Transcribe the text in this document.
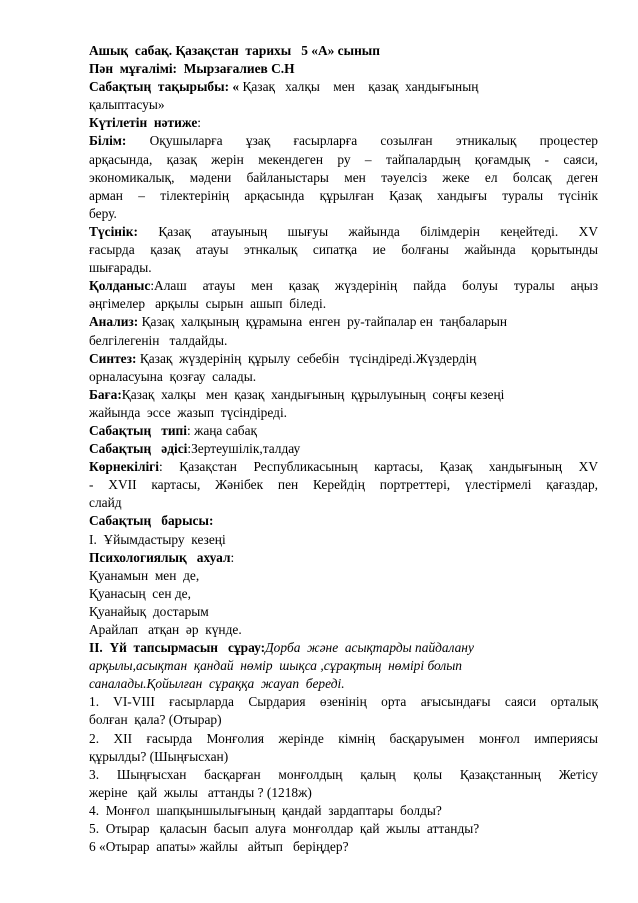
Ашық  сабақ. Қазақстан  тарихы   5 «А» сынып
Пән  мұғалімі:  Мырзағалиев С.Н
Сабақтың  тақырыбы: « Қазақ   халқы    мен    қазақ  хандығының
қалыптасуы»
Күтілетін  нәтиже:
Білім: Оқушыларға ұзақ ғасырларға созылған этникалық процестер
арқасында, қазақ жерін мекендеген ру – тайпалардың қоғамдық - саяси,
экономикалық, мәдени байланыстары мен тәуелсіз жеке ел болсақ деген
арман – тілектерінің арқасында құрылған Қазақ хандығы туралы түсінік
беру.
Түсінік: Қазақ атауының шығуы жайында білімдерін кеңейтеді. XV
ғасырда қазақ атауы этнкалық сипатқа ие болғаны жайында қорытынды
шығарады.
Қолданыс:Алаш атауы мен қазақ жүздерінің пайда болуы туралы аңыз
әңгімелер   арқылы  сырын  ашып  біледі.
Анализ: Қазақ  халқының  құрамына  енген  ру-тайпалар ен  таңбаларын
белгілегенін   талдайды.
Синтез: Қазақ  жүздерінің  құрылу  себебін   түсіндіреді.Жүздердің
орналасуына  қозғау  салады.
Баға:Қазақ  халқы   мен  қазақ  хандығының  құрылуының  соңғы кезеңі
жайында  эссе  жазып  түсіндіреді.
Сабақтың   типі: жаңа сабақ
Сабақтың   әдісі:Зертеушілік,талдау
Көрнекілігі: Қазақстан Республикасының картасы, Қазақ хандығының XV
- XVII картасы, Жәнібек пен Керейдің портреттері, үлестірмелі қағаздар,
слайд
Сабақтың   барысы:
І.  Ұйымдастыру  кезеңі
Психологиялық   ахуал:
Қуанамын  мен  де,
Қуанасың  сен де,
Қуанайық  достарым
Арайлап   атқан  әр  күнде.
ІІ.  Үй  тапсырмасын   сұрау:Дорба  және  асықтарды пайдалану
арқылы,асықтан  қандай  нөмір  шықса ,сұрақтың  нөмірі болып
саналады.Қойылған  сұраққа  жауап  береді.
1. VI-VIII ғасырларда Сырдария өзенінің орта ағысындағы саяси орталық
болған  қала? (Отырар)
2. ХІІ ғасырда Монғолия жерінде кімнің басқаруымен монғол империясы
құрылды? (Шыңғысхан)
3. Шыңғысхан басқарған монғолдың қалың қолы Қазақстанның Жетісу
жеріне   қай  жылы   аттанды ? (1218ж)
4.  Монғол  шапқыншылығының  қандай  зардаптары  болды?
5.  Отырар   қаласын  басып  алуға  монғолдар  қай  жылы  аттанды?
6 «Отырар  апаты» жайлы   айтып   беріңдер?
